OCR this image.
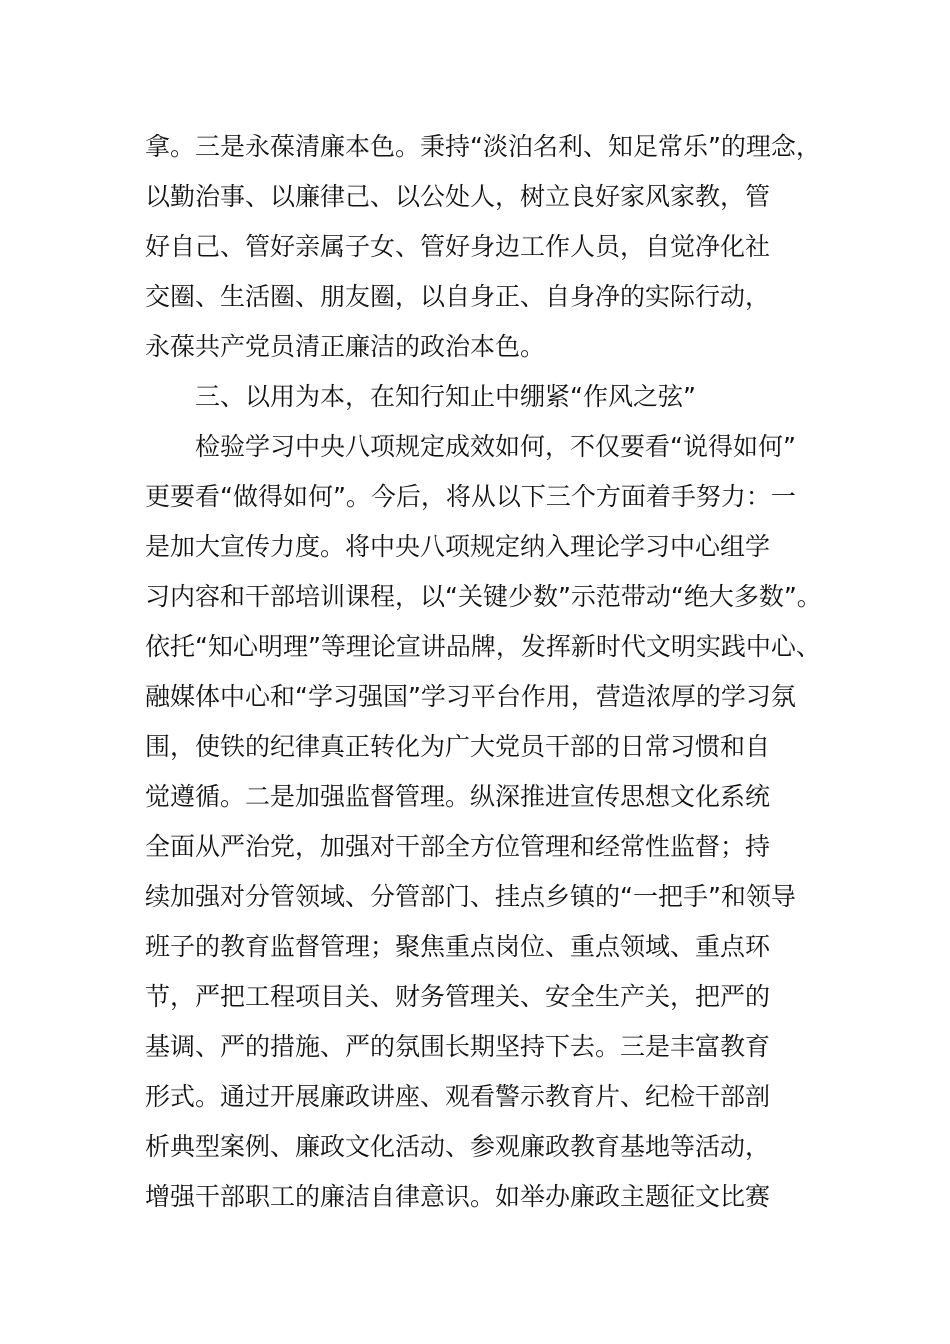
拿。三是永葆清廉本色。秉持“淡泊名利、知足常乐”的理念，
以勤治事、以廉律己、以公处人，树立良好家风家教，管
好自己、管好亲属子女、管好身边工作人员，自觉净化社
交圈、生活圈、朋友圈，以自身正、自身净的实际行动，
永葆共产党员清正廉洁的政治本色。
三、以用为本，在知行知止中绷紧“作风之弦”
检验学习中央八项规定成效如何，不仅要看“说得如何”
更要看“做得如何”。今后，将从以下三个方面着手努力：一
是加大宣传力度。将中央八项规定纳入理论学习中心组学
习内容和干部培训课程，以“关键少数”示范带动“绝大多数”。
依托“知心明理”等理论宣讲品牌，发挥新时代文明实践中心、
融媒体中心和“学习强国”学习平台作用，营造浓厚的学习氛
围，使铁的纪律真正转化为广大党员干部的日常习惯和自
觉遵循。二是加强监督管理。纵深推进宣传思想文化系统
全面从严治党，加强对干部全方位管理和经常性监督；持
续加强对分管领域、分管部门、挂点乡镇的“一把手”和领导
班子的教育监督管理；聚焦重点岗位、重点领域、重点环
节，严把工程项目关、财务管理关、安全生产关，把严的
基调、严的措施、严的氛围长期坚持下去。三是丰富教育
形式。通过开展廉政讲座、观看警示教育片、纪检干部剖
析典型案例、廉政文化活动、参观廉政教育基地等活动，
增强干部职工的廉洁自律意识。如举办廉政主题征文比赛
